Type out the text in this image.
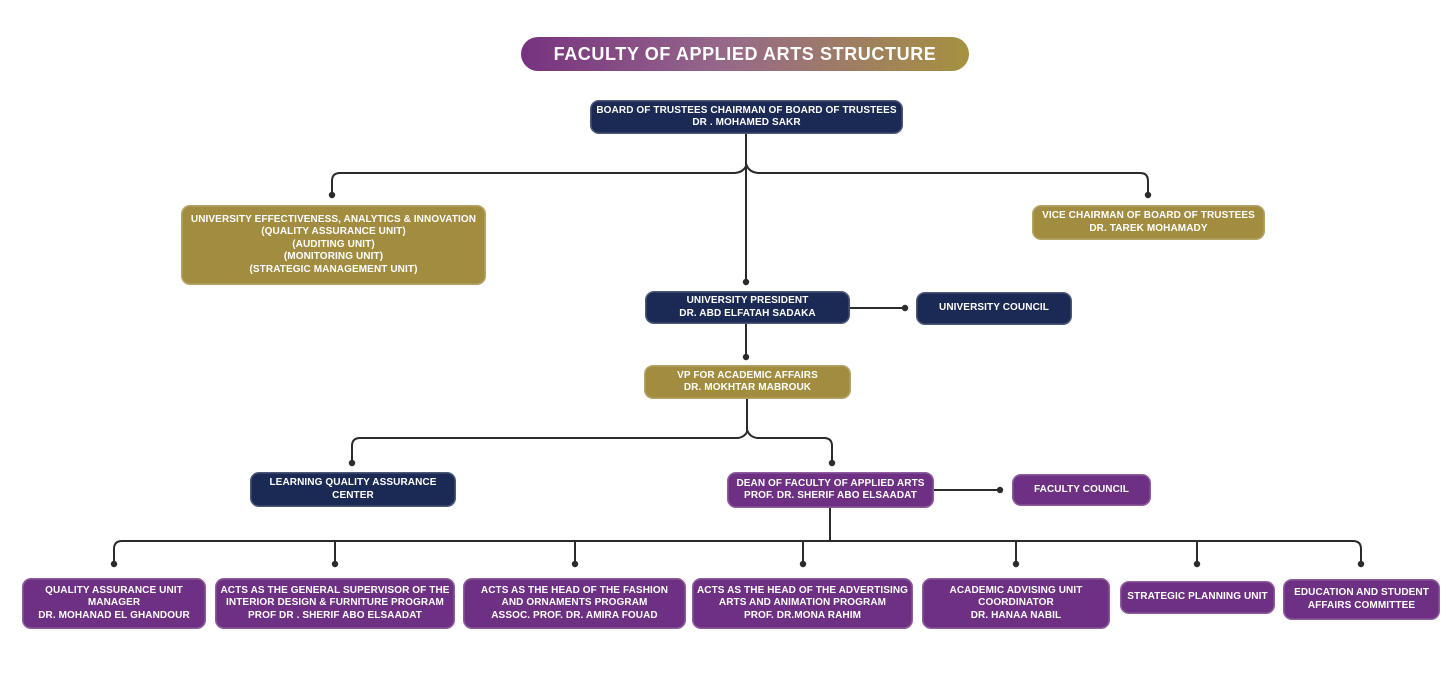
FACULTY OF APPLIED ARTS STRUCTURE
BOARD OF TRUSTEES CHAIRMAN OF BOARD OF TRUSTEES
DR . MOHAMED SAKR
UNIVERSITY EFFECTIVENESS, ANALYTICS & INNOVATION
(QUALITY ASSURANCE UNIT)
(AUDITING UNIT)
(MONITORING UNIT)
(STRATEGIC MANAGEMENT UNIT)
VICE CHAIRMAN OF BOARD OF TRUSTEES
DR. TAREK MOHAMADY
UNIVERSITY PRESIDENT
DR. ABD ELFATAH SADAKA	UNIVERSITY COUNCIL
VP FOR ACADEMIC AFFAIRS
DR. MOKHTAR MABROUK
LEARNING QUALITY ASSURANCE
CENTER
DEAN OF FACULTY OF APPLIED ARTS
PROF. DR. SHERIF ABO ELSAADAT
FACULTY COUNCIL
QUALITY ASSURANCE UNIT
MANAGER
DR. MOHANAD EL GHANDOUR
ACTS AS THE GENERAL SUPERVISOR OF THE
INTERIOR DESIGN & FURNITURE PROGRAM
PROF DR . SHERIF ABO ELSAADAT
ACTS AS THE HEAD OF THE FASHION
AND ORNAMENTS PROGRAM
ASSOC. PROF. DR. AMIRA FOUAD
ACTS AS THE HEAD OF THE ADVERTISING
ARTS AND ANIMATION PROGRAM
PROF. DR.MONA RAHIM
ACADEMIC ADVISING UNIT
COORDINATOR
DR. HANAA NABIL
STRATEGIC PLANNING UNIT	EDUCATION AND STUDENT
AFFAIRS COMMITTEE
